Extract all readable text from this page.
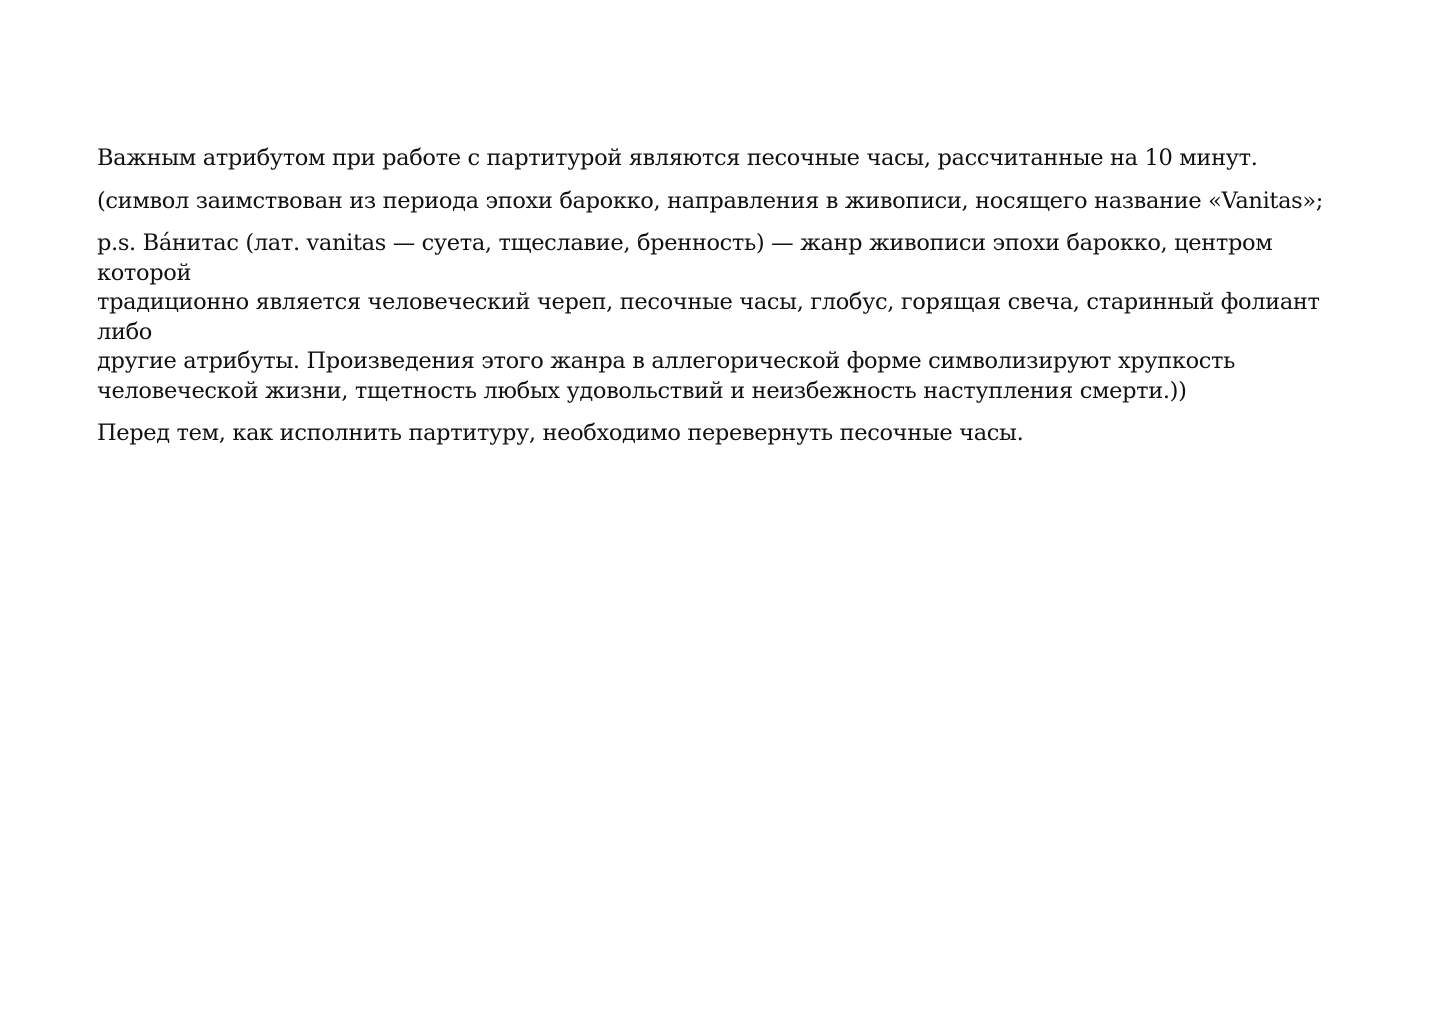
Важным атрибутом при работе с партитурой являются песочные часы, рассчитанные на 10 минут.

(символ заимствован из периода эпохи барокко, направления в живописи, носящего название «Vanitas»;

p.s. Ва́нитас (лат. vanitas — суета, тщеславие, бренность) — жанр живописи эпохи барокко, центром которой
традиционно является человеческий череп, песочные часы, глобус, горящая свеча, старинный фолиант либо
другие атрибуты. Произведения этого жанра в аллегорической форме символизируют хрупкость
человеческой жизни, тщетность любых удовольствий и неизбежность наступления смерти.))

Перед тем, как исполнить партитуру, необходимо перевернуть песочные часы.
